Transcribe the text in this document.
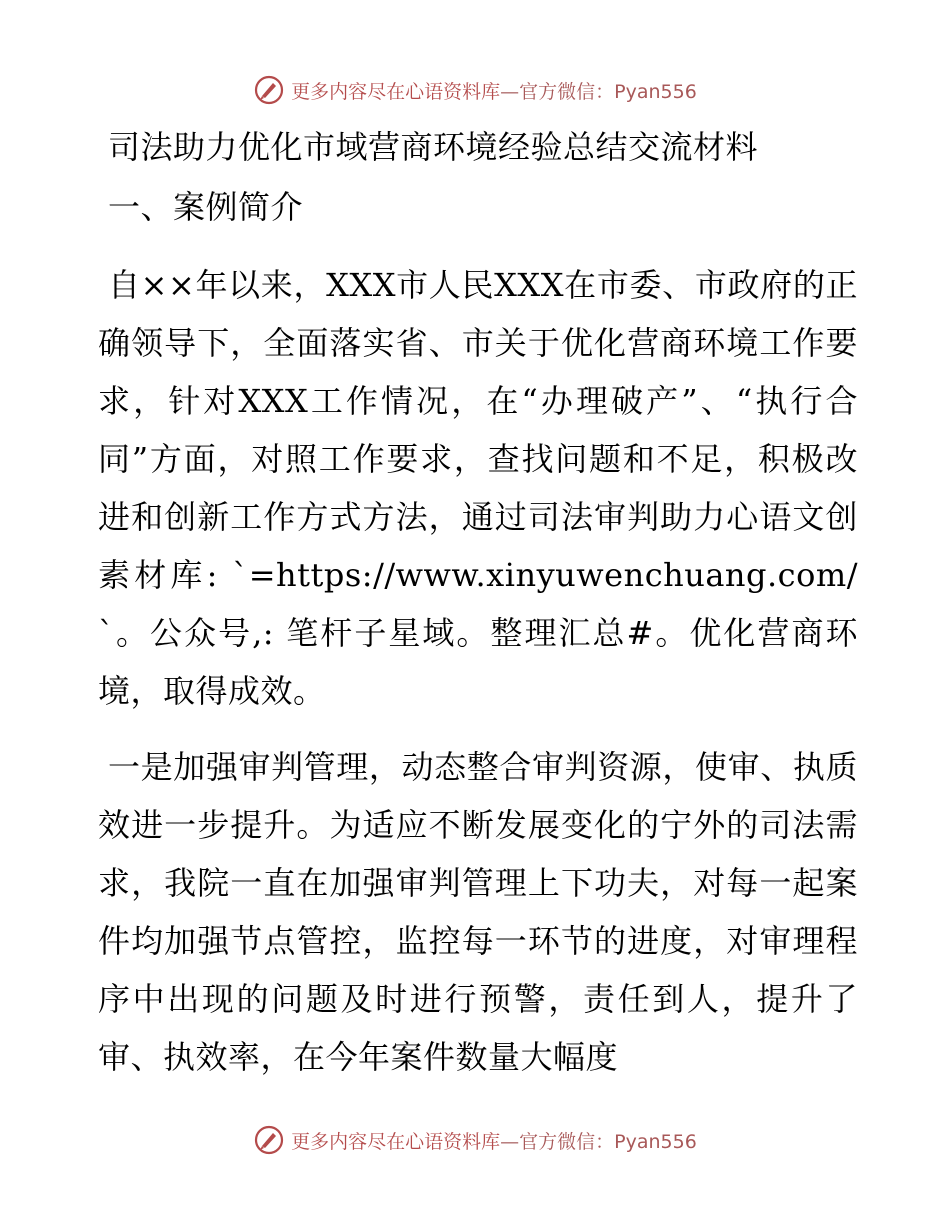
更多内容尽在心语资料库—官方微信：Pyan556
司法助力优化市域营商环境经验总结交流材料
一、案例简介

自××年以来，XXX市人民XXX在市委、市政府的正确领导下，全面落实省、市关于优化营商环境工作要求，针对XXX工作情况，在“办理破产”、“执行合同”方面，对照工作要求，查找问题和不足，积极改进和创新工作方式方法，通过司法审判助力心语文创素材库: `=https://www.xinyuwenchuang.com/`。公众号,: 笔杆子星域。整理汇总#。优化营商环境，取得成效。

一是加强审判管理，动态整合审判资源，使审、执质效进一步提升。为适应不断发展变化的宁外的司法需求，我院一直在加强审判管理上下功夫，对每一起案件均加强节点管控，监控每一环节的进度，对审理程序中出现的问题及时进行预警，责任到人，提升了审、执效率，在今年案件数量大幅度

更多内容尽在心语资料库—官方微信：Pyan556
